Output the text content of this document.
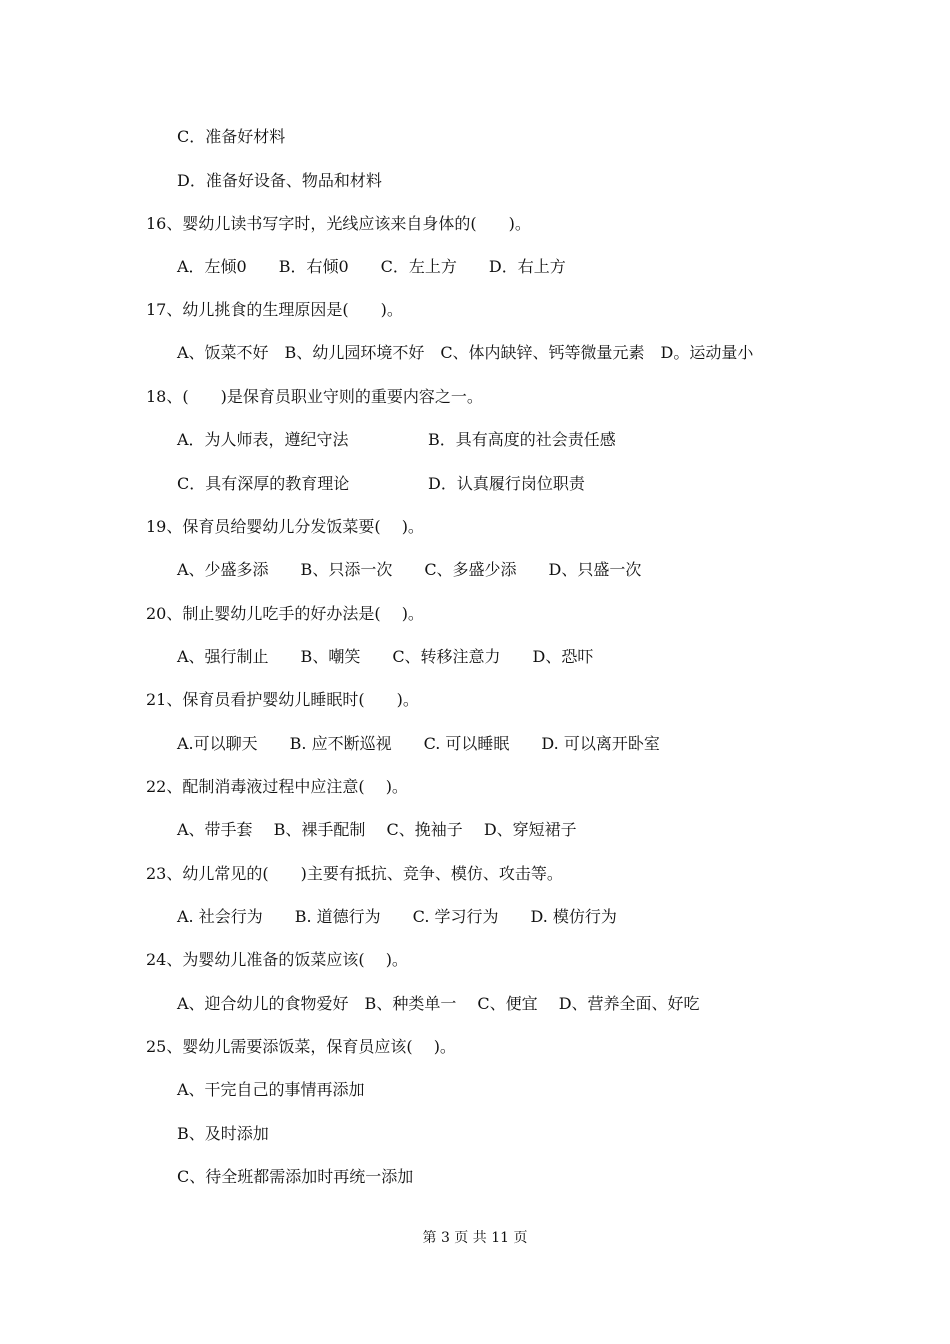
C．准备好材料
D．准备好设备、物品和材料
16、婴幼儿读书写字时，光线应该来自身体的(　　)。
A．左倾0　　B．右倾0　　C．左上方　　D．右上方
17、幼儿挑食的生理原因是(　　)。
A、饭菜不好　B、幼儿园环境不好　C、体内缺锌、钙等微量元素　D。运动量小
18、(　　)是保育员职业守则的重要内容之一。
A．为人师表，遵纪守法	B．具有高度的社会责任感
C．具有深厚的教育理论	D．认真履行岗位职责
19、保育员给婴幼儿分发饭菜要(　 )。
A、少盛多添　　B、只添一次　　C、多盛少添　　D、只盛一次
20、制止婴幼儿吃手的好办法是(　 )。
A、强行制止　　B、嘲笑　　C、转移注意力　　D、恐吓
21、保育员看护婴幼儿睡眠时(　　)。
A.可以聊天　　B. 应不断巡视　　C. 可以睡眠　　D. 可以离开卧室
22、配制消毒液过程中应注意(　 )。
A、带手套　 B、裸手配制　 C、挽袖子　 D、穿短裙子
23、幼儿常见的(　　)主要有抵抗、竞争、模仿、攻击等。
A. 社会行为　　B. 道德行为　　C. 学习行为　　D. 模仿行为
24、为婴幼儿准备的饭菜应该(　 )。
A、迎合幼儿的食物爱好　B、种类单一　 C、便宜　 D、营养全面、好吃
25、婴幼儿需要添饭菜，保育员应该(　 )。
A、干完自己的事情再添加
B、及时添加
C、待全班都需添加时再统一添加
第 3 页 共 11 页
